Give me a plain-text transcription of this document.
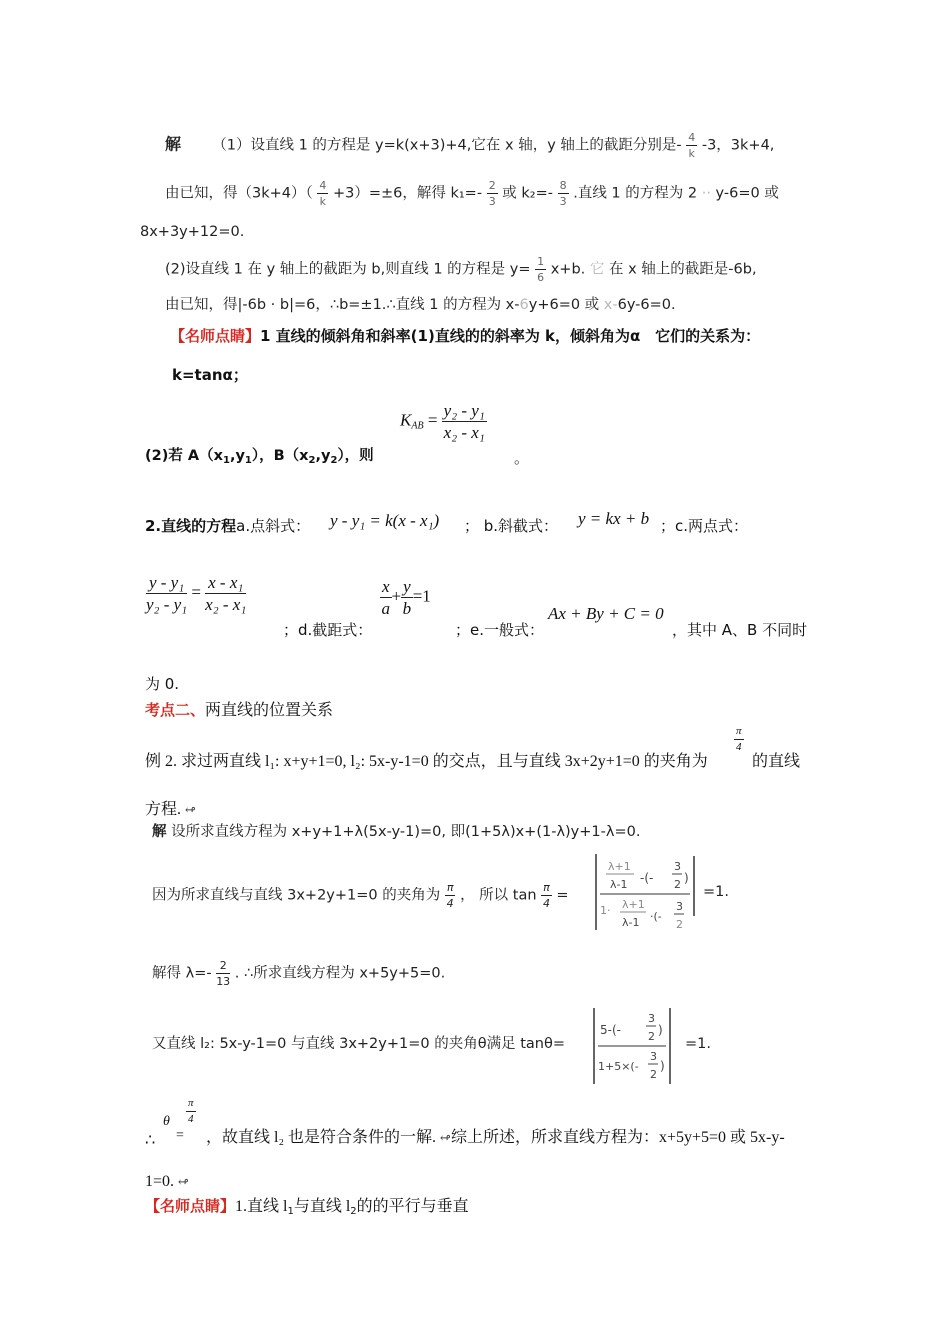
解 （1）设直线 1 的方程是 y=k(x+3)+4,它在 x 轴，y 轴上的截距分别是- $\frac{4}{k} -3$，3k+4,
由已知，得$(3k+4)( \frac{4}{k} +3)=\pm 6$，解得 $k_1=- \frac{2}{3}$ 或 $k_2=- \frac{8}{3}$ .直线 1 的方程为 2 ·· y-6=0 或
8x+3y+12=0.
(2)设直线 1 在 y 轴上的截距为 b,则直线 1 的方程是 $y= \frac{1}{6} x+b$. 它 在 x 轴上的截距是-6b,
由已知，得|-6b · b|=6，∴b=±1.∴直线 1 的方程为 x-6y+6=0 或 x-6y-6=0.
【名师点睛】1 直线的倾斜角和斜率(1)直线的的斜率为 k，倾斜角为α 它们的关系为：
k=tanα；
$K_{AB} = \frac{\text{y₂ - y₁}}{\text{x₂ - x₁}}$
(2)若 $A(x_1,y_1)$，$B(x_2,y_2)$，则	。
2.直线的方程a.点斜式： y - y₁ = k(x - x₁) ； b.斜截式： y = kx + b ；c.两点式：
$\frac{\text{y - y₁}}{\text{y₂ - y₁}} = \frac{\text{x - x₁}}{\text{x₂ - x₁}}$
；d.截距式：
$\frac{x}{a} + \frac{y}{b} =1$
；e.一般式：
Ax + By + C = 0
，其中 A、B 不同时
为 0.
考点二、两直线的位置关系
例 2. 求过两直线 l₁: x+y+1=0, l₂: 5x-y-1=0 的交点，且与直线 3x+2y+1=0 的夹角为
$\frac{\pi}{4}$
的直线
方程. ↫
解 设所求直线方程为 x+y+1+λ(5x-y-1)=0, 即(1+5λ)x+(1-λ)y+1-λ=0.
因为所求直线与直线 3x+2y+1=0 的夹角为 $\frac{\pi}{4}$ ， 所以 $\tan \frac{\pi}{4}$ =
λ+1
λ-1 -(-
3
2 )
1· λ+1
λ-1 ·(-
3
2
=1.
解得 $\lambda=- \frac{2}{13}$ . ∴所求直线方程为 x+5y+5=0.
又直线 l₂: 5x-y-1=0 与直线 3x+2y+1=0 的夹角θ满足 tanθ=
5-(-
3
2 )
1+5×(-
3
2
)
=1.
∴
θ
=
$\frac{\pi}{4}$
，故直线 l₂ 也是符合条件的一解. ↫综上所述，所求直线方程为：x+5y+5=0 或 5x-y-
1=0. ↫
【名师点睛】1.直线 $l_1$与直线 $l_2$的的平行与垂直
